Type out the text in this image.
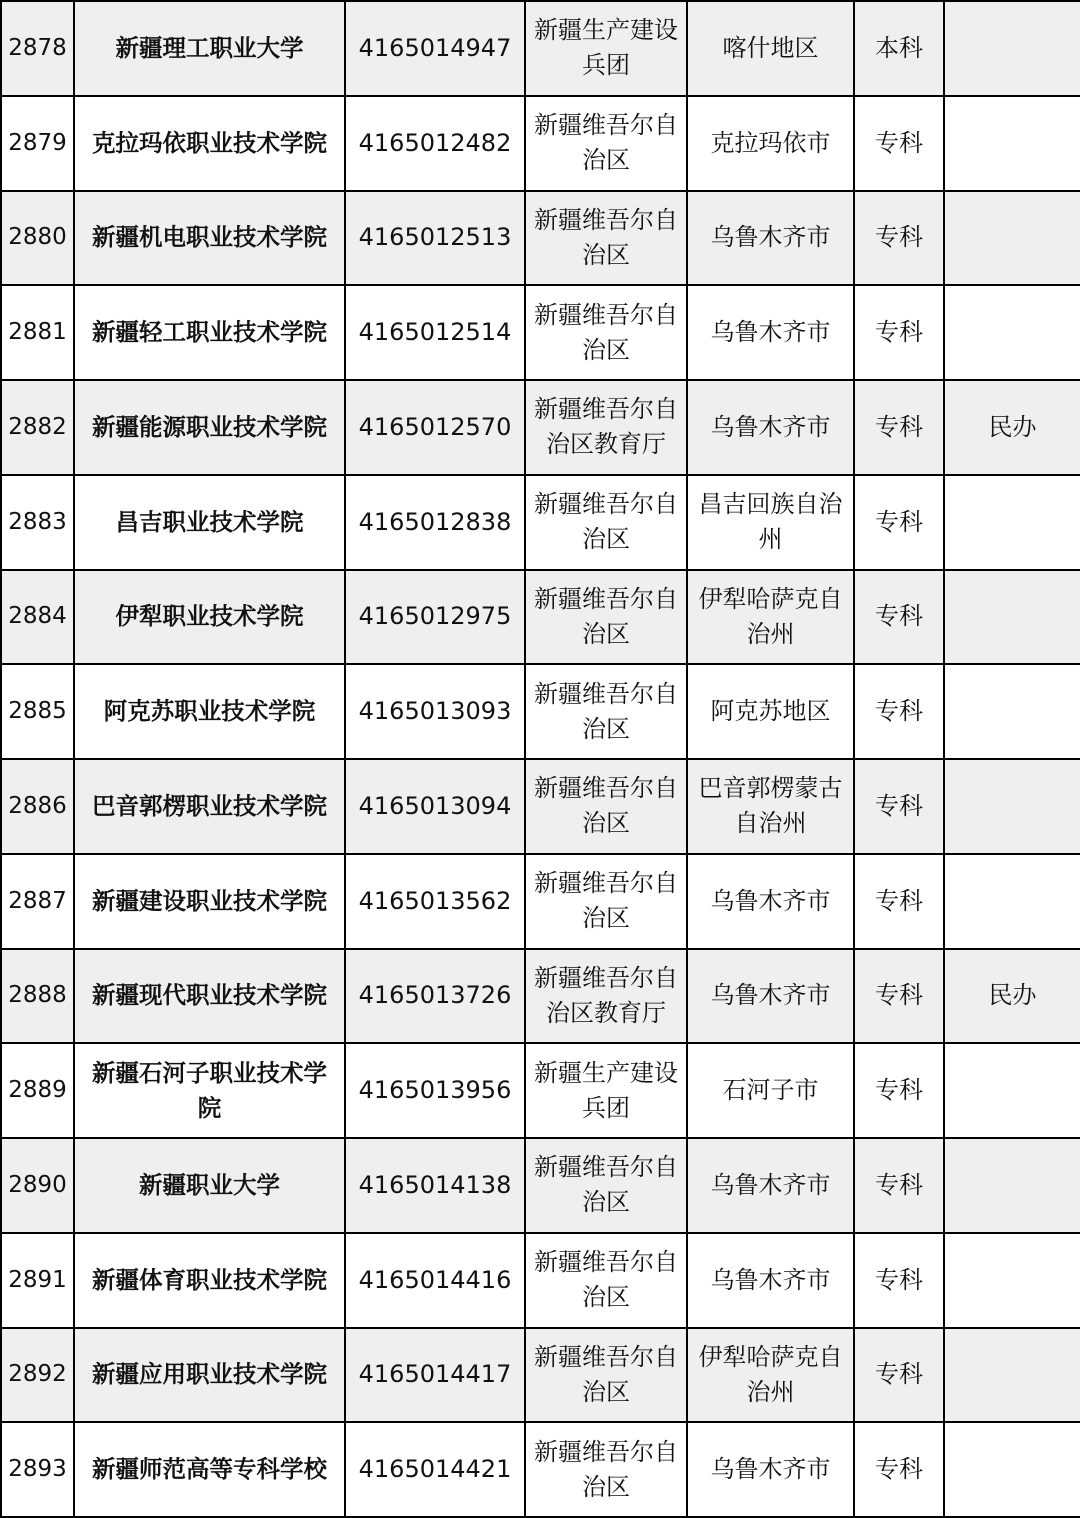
2878	新疆理工职业大学	4165014947	新疆生产建设兵团	喀什地区	本科	
2879	克拉玛依职业技术学院	4165012482	新疆维吾尔自治区	克拉玛依市	专科	
2880	新疆机电职业技术学院	4165012513	新疆维吾尔自治区	乌鲁木齐市	专科	
2881	新疆轻工职业技术学院	4165012514	新疆维吾尔自治区	乌鲁木齐市	专科	
2882	新疆能源职业技术学院	4165012570	新疆维吾尔自治区教育厅	乌鲁木齐市	专科	民办
2883	昌吉职业技术学院	4165012838	新疆维吾尔自治区	昌吉回族自治州	专科	
2884	伊犁职业技术学院	4165012975	新疆维吾尔自治区	伊犁哈萨克自治州	专科	
2885	阿克苏职业技术学院	4165013093	新疆维吾尔自治区	阿克苏地区	专科	
2886	巴音郭楞职业技术学院	4165013094	新疆维吾尔自治区	巴音郭楞蒙古自治州	专科	
2887	新疆建设职业技术学院	4165013562	新疆维吾尔自治区	乌鲁木齐市	专科	
2888	新疆现代职业技术学院	4165013726	新疆维吾尔自治区教育厅	乌鲁木齐市	专科	民办
2889	新疆石河子职业技术学院	4165013956	新疆生产建设兵团	石河子市	专科	
2890	新疆职业大学	4165014138	新疆维吾尔自治区	乌鲁木齐市	专科	
2891	新疆体育职业技术学院	4165014416	新疆维吾尔自治区	乌鲁木齐市	专科	
2892	新疆应用职业技术学院	4165014417	新疆维吾尔自治区	伊犁哈萨克自治州	专科	
2893	新疆师范高等专科学校	4165014421	新疆维吾尔自治区	乌鲁木齐市	专科	
